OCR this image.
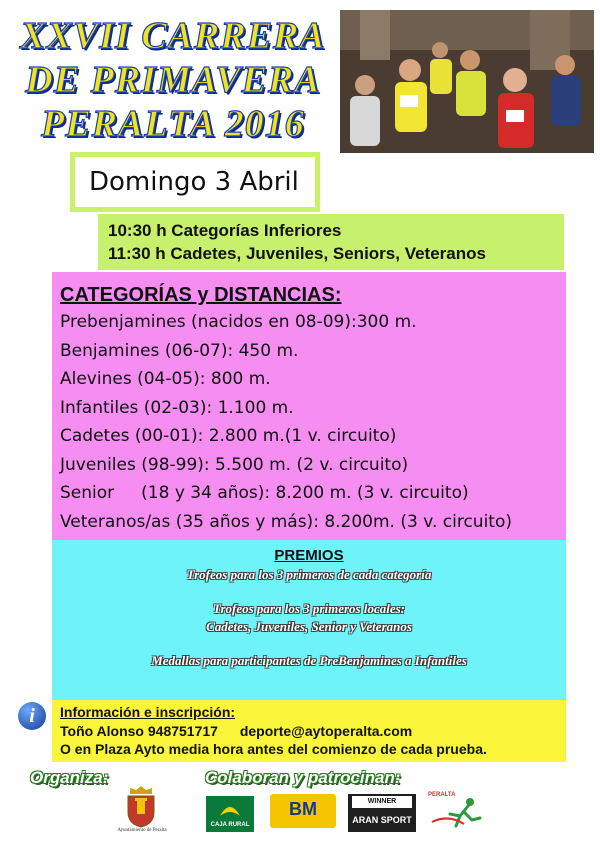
XXVII CARRERA
DE PRIMAVERA
PERALTA 2016
Domingo 3 Abril
10:30 h Categorías Inferiores
11:30 h Cadetes, Juveniles, Seniors, Veteranos
CATEGORÍAS y DISTANCIAS:
Prebenjamines (nacidos en 08-09):300 m.
Benjamines (06-07): 450 m.
Alevines (04-05): 800 m.
Infantiles (02-03): 1.100 m.
Cadetes (00-01): 2.800 m.(1 v. circuito)
Juveniles (98-99): 5.500 m. (2 v. circuito)
Senior     (18 y 34 años): 8.200 m. (3 v. circuito)
Veteranos/as (35 años y más): 8.200m. (3 v. circuito)
PREMIOS
Trofeos para los 3 primeros de cada categoría
Trofeos para los 3 primeros locales:
Cadetes, Juveniles, Senior y Veteranos
Medallas para participantes de PreBenjamines a Infantiles
i	Información e inscripción:
Toño Alonso 948751717 deporte@aytoperalta.com
O en Plaza Ayto media hora antes del comienzo de cada prueba.
Organiza:	Colaboran y patrocinan:
Ayuntamiento de Peralta
CAJA RURAL
BM	WINNER
ARAN SPORT
PERALTA
